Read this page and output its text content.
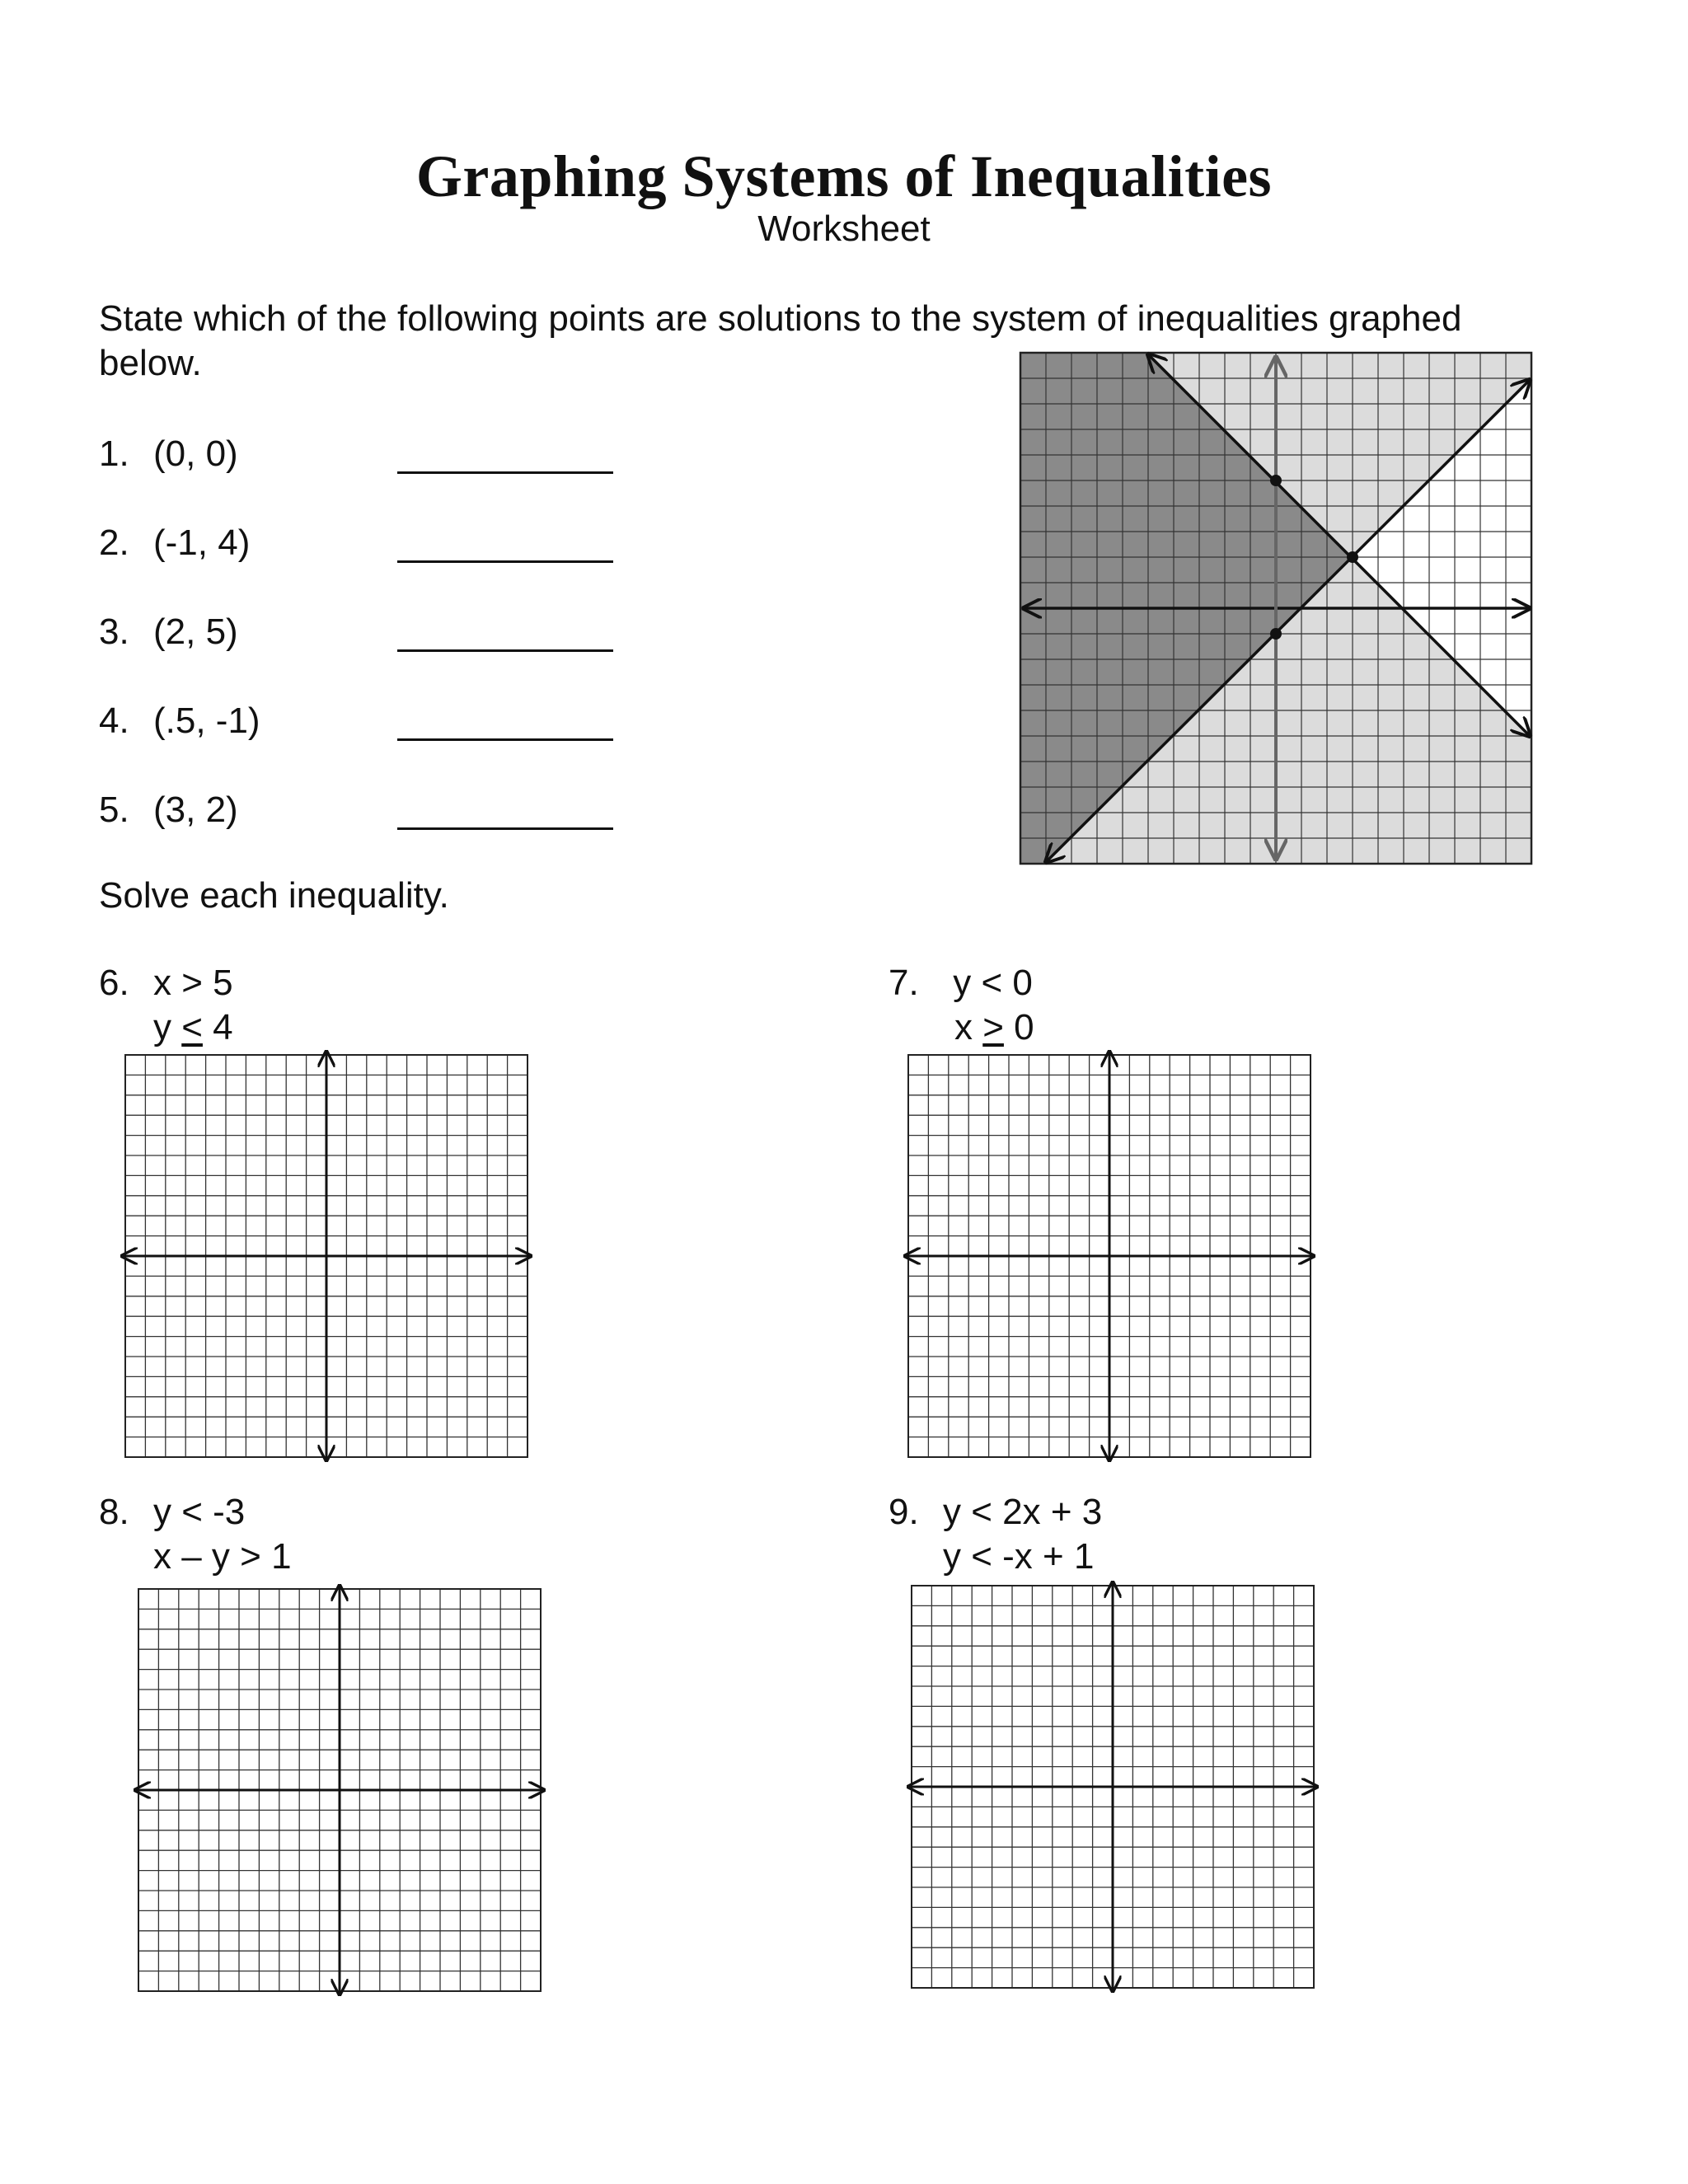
Graphing Systems of Inequalities
Worksheet
State which of the following points are solutions to the system of inequalities graphed below.
1. (0, 0)
2. (-1, 4)
3. (2, 5)
4. (.5, -1)
5. (3, 2)
Solve each inequality.
6. x > 5
y < 4
7. y < 0
x > 0
8. y < -3
x – y > 1
9. y < 2x + 3
y < -x + 1
